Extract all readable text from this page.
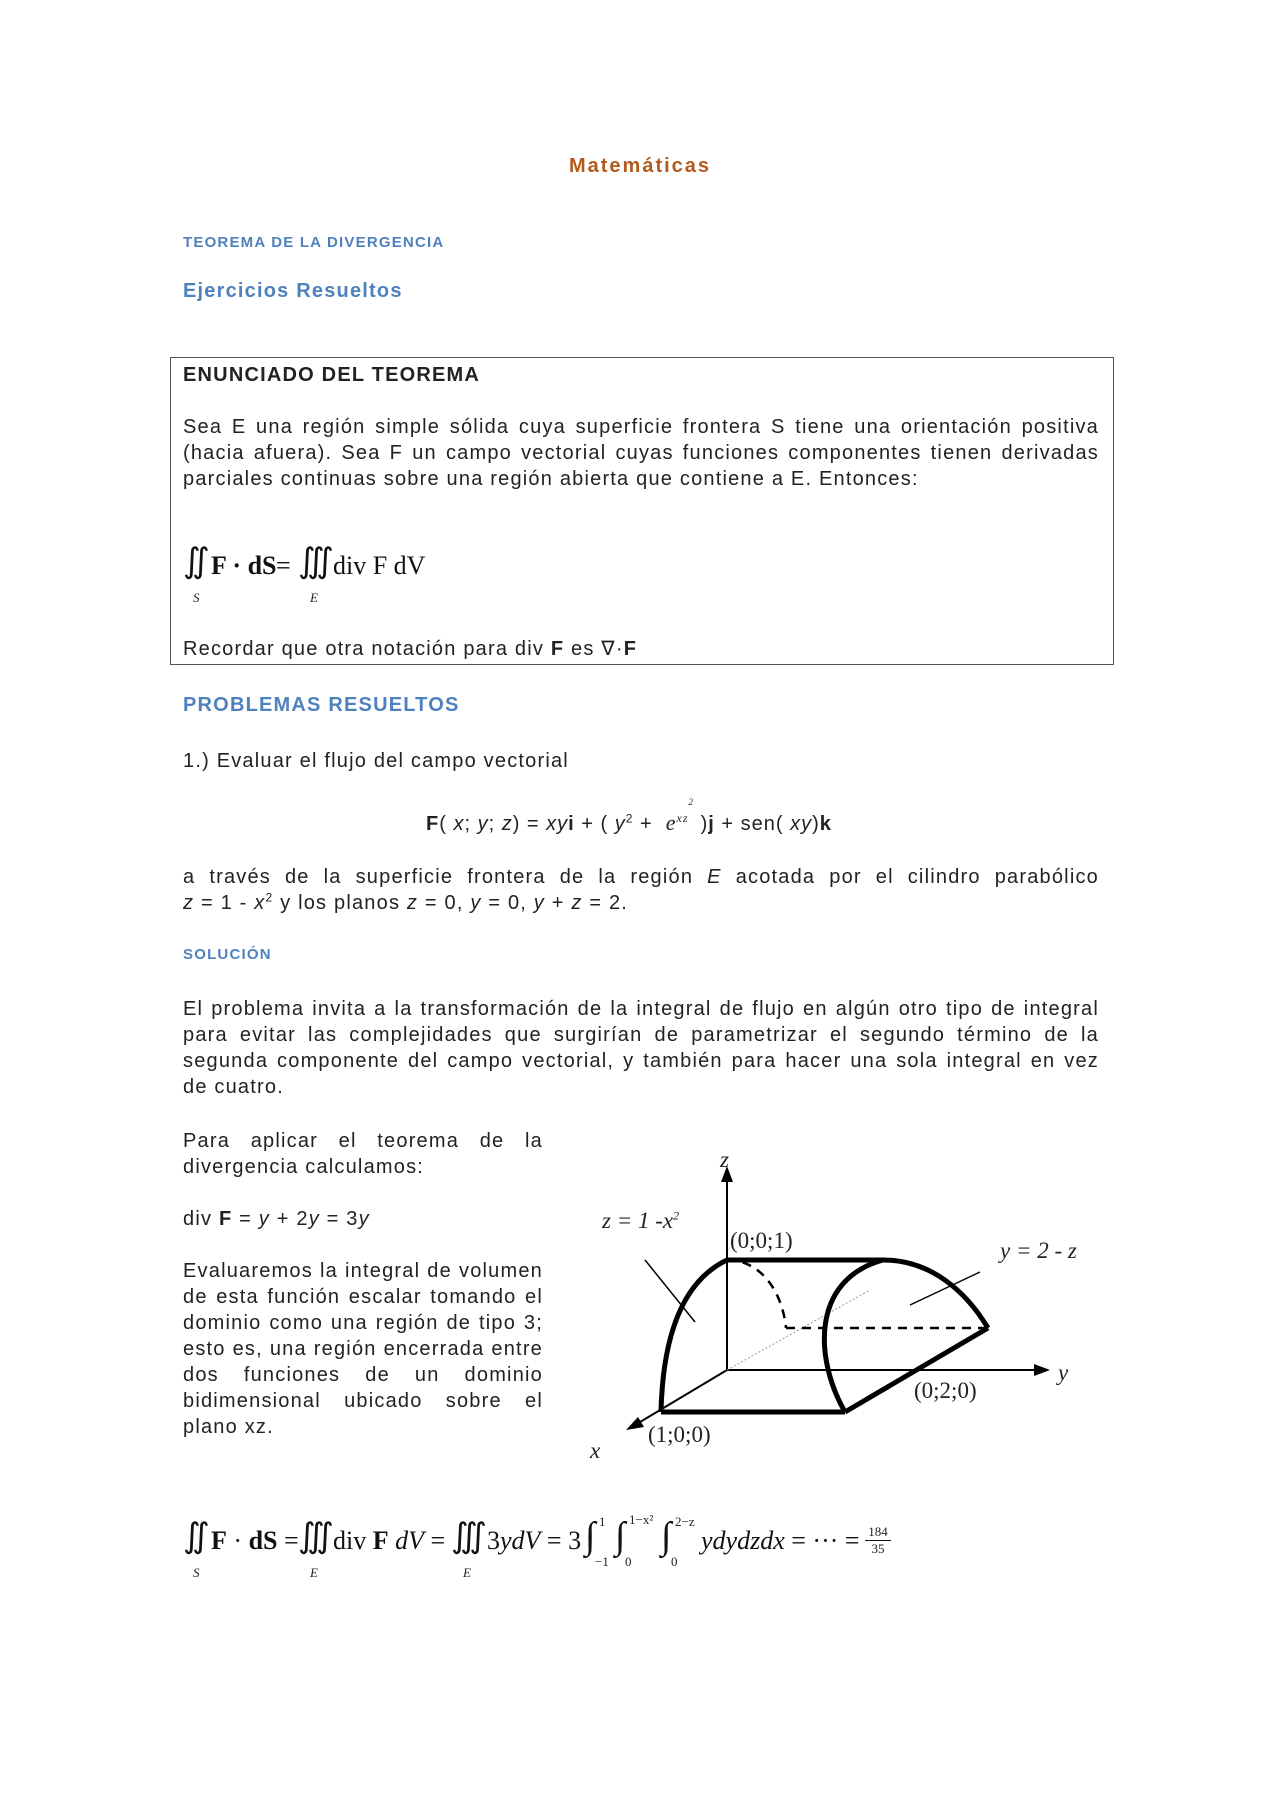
Matemáticas
TEOREMA DE LA DIVERGENCIA
Ejercicios Resueltos
ENUNCIADO DEL TEOREMA
Sea E una región simple sólida cuya superficie frontera S tiene una orientación positiva (hacia afuera). Sea F un campo vectorial cuyas funciones componentes tienen derivadas parciales continuas sobre una región abierta que contiene a E. Entonces:
∬ F · dS = ∭ div F dV
S	E
Recordar que otra notación para div F es ∇·F
PROBLEMAS RESUELTOS
1.) Evaluar el flujo del campo vectorial
F( x; y; z) = xyi + ( $y^2 + e^{xz^2}$ )j + sen( xy)k
a través de la superficie frontera de la región E acotada por el cilindro parabólico
$z = 1 - x^2$ y los planos z = 0, y = 0, y + z = 2.
SOLUCIÓN
El problema invita a la transformación de la integral de flujo en algún otro tipo de integral para evitar las complejidades que surgirían de parametrizar el segundo término de la segunda componente del campo vectorial, y también para hacer una sola integral en vez de cuatro.
Para aplicar el teorema de la divergencia calculamos:
div F = y + 2y = 3y
Evaluaremos la integral de volumen de esta función escalar tomando el dominio como una región de tipo 3; esto es, una región encerrada entre dos funciones de un dominio bidimensional ubicado sobre el plano xz.
z
y
x
z = 1 $-x^2$
y = 2 - z
(0;0;1)
(0;2;0)
(1;0;0)
∬ F · dS = ∭ div F dV = ∭ 3ydV = 3 ∫ 1
−1
∫ 1−x²
0
∫ 2−z
0
ydydzdx = ··· = $\frac{184}{35}$
S	E	E
